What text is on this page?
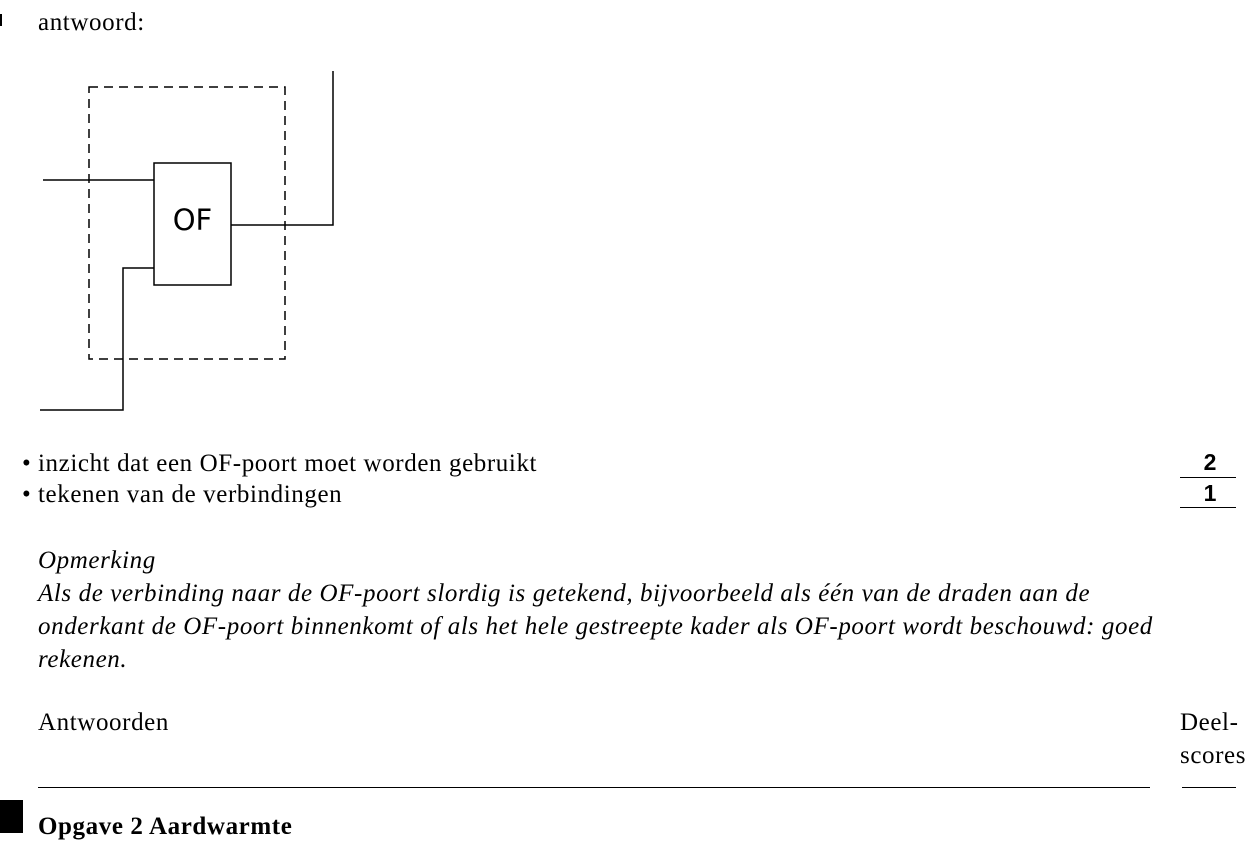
antwoord:
OF
• inzicht dat een OF-poort moet worden gebruikt
• tekenen van de verbindingen
2
1
Opmerking
Als de verbinding naar de OF-poort slordig is getekend, bijvoorbeeld als één van de draden aan de onderkant de OF-poort binnenkomt of als het hele gestreepte kader als OF-poort wordt beschouwd: goed rekenen.
Antwoorden	Deel-
scores
Opgave 2 Aardwarmte
